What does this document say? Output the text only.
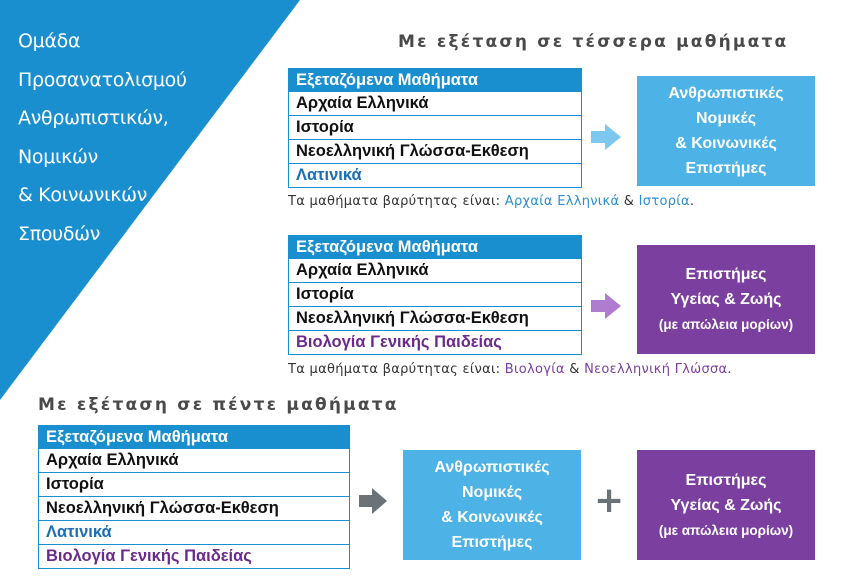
Ομάδα
Προσανατολισμού
Ανθρωπιστικών,
Νομικών
& Κοινωνικών
Σπουδών
Με εξέταση σε τέσσερα μαθήματα
Εξεταζόμενα Μαθήματα
Αρχαία Ελληνικά
Ιστορία
Νεοελληνική Γλώσσα-Εκθεση
Λατινικά
Ανθρωπιστικές
Νομικές
& Κοινωνικές
Επιστήμες
Τα μαθήματα βαρύτητας είναι: Αρχαία Ελληνικά & Ιστορία.
Εξεταζόμενα Μαθήματα
Αρχαία Ελληνικά
Ιστορία
Νεοελληνική Γλώσσα-Εκθεση
Βιολογία Γενικής Παιδείας
Επιστήμες
Υγείας & Ζωής
(με απώλεια μορίων)
Τα μαθήματα βαρύτητας είναι: Βιολογία & Νεοελληνική Γλώσσα.
Με εξέταση σε πέντε μαθήματα
Εξεταζόμενα Μαθήματα
Αρχαία Ελληνικά
Ιστορία
Νεοελληνική Γλώσσα-Εκθεση
Λατινικά
Βιολογία Γενικής Παιδείας
Ανθρωπιστικές
Νομικές
& Κοινωνικές
Επιστήμες
+	Επιστήμες
Υγείας & Ζωής
(με απώλεια μορίων)
